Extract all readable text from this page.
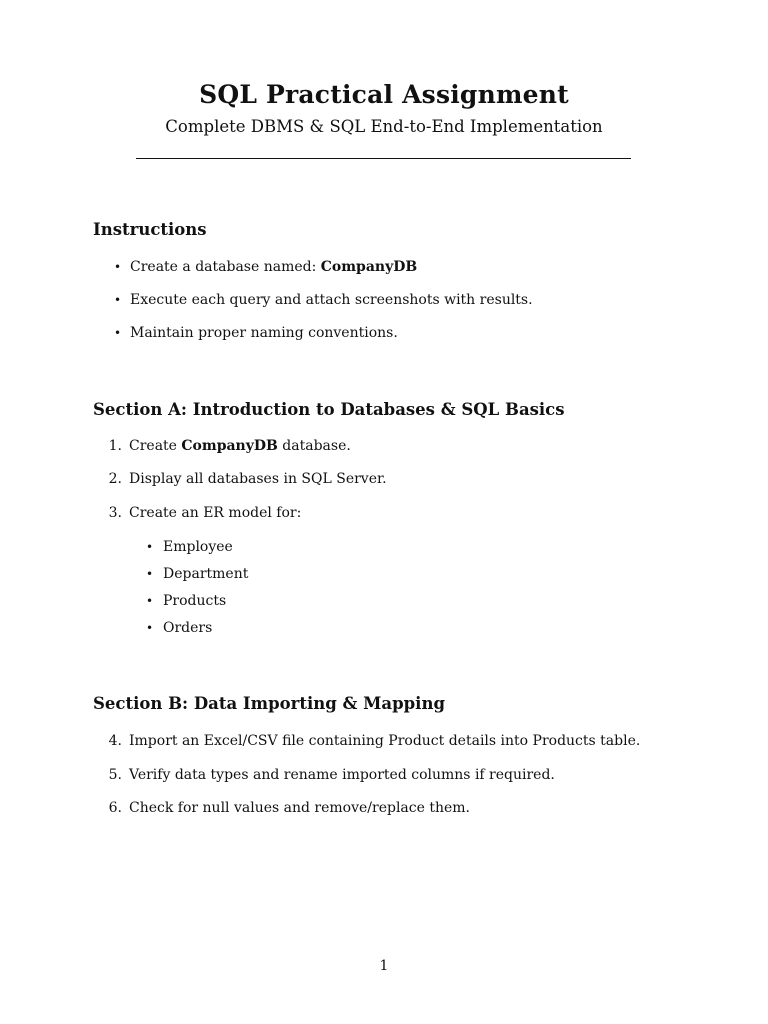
SQL Practical Assignment
Complete DBMS & SQL End-to-End Implementation
Instructions
• Create a database named: CompanyDB
• Execute each query and attach screenshots with results.
• Maintain proper naming conventions.
Section A: Introduction to Databases & SQL Basics
1. Create CompanyDB database.
2. Display all databases in SQL Server.
3. Create an ER model for:
• Employee
• Department
• Products
• Orders
Section B: Data Importing & Mapping
4. Import an Excel/CSV file containing Product details into Products table.
5. Verify data types and rename imported columns if required.
6. Check for null values and remove/replace them.
1
